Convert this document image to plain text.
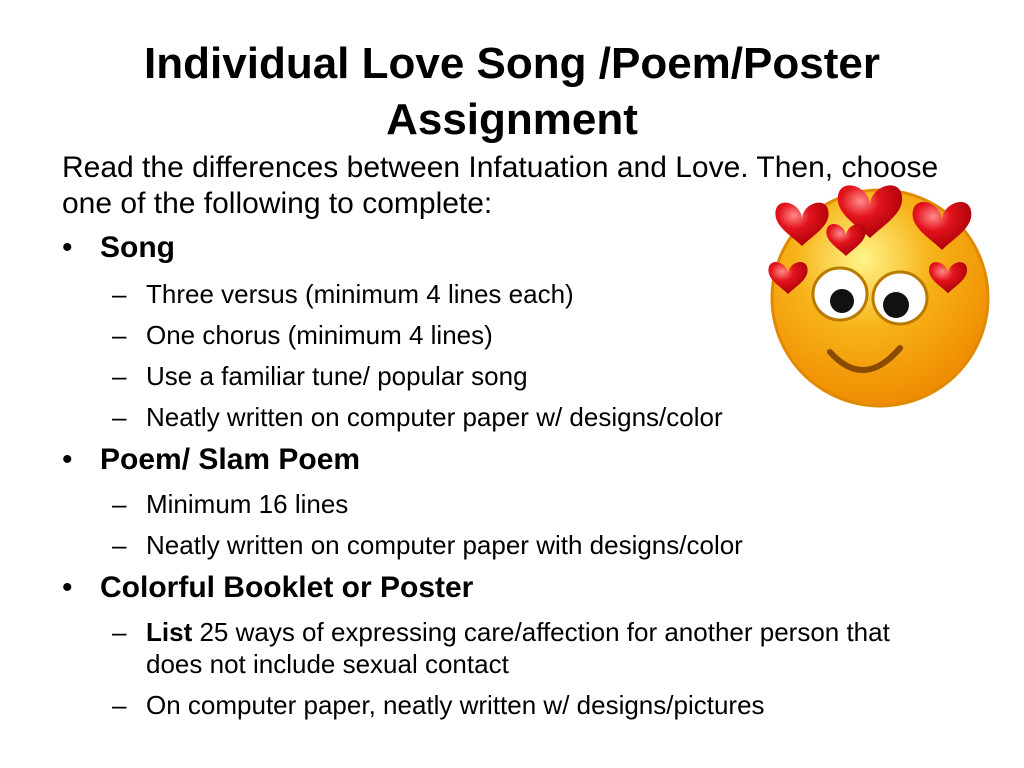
Individual Love Song /Poem/Poster Assignment
Read the differences between Infatuation and Love. Then, choose one of the following to complete:
• Song
– Three versus (minimum 4 lines each)
– One chorus (minimum 4 lines)
– Use a familiar tune/ popular song
– Neatly written on computer paper w/ designs/color
• Poem/ Slam Poem
– Minimum 16 lines
– Neatly written on computer paper with designs/color
• Colorful Booklet or Poster
– List 25 ways of expressing care/affection for another person that does not include sexual contact
– On computer paper, neatly written w/ designs/pictures
